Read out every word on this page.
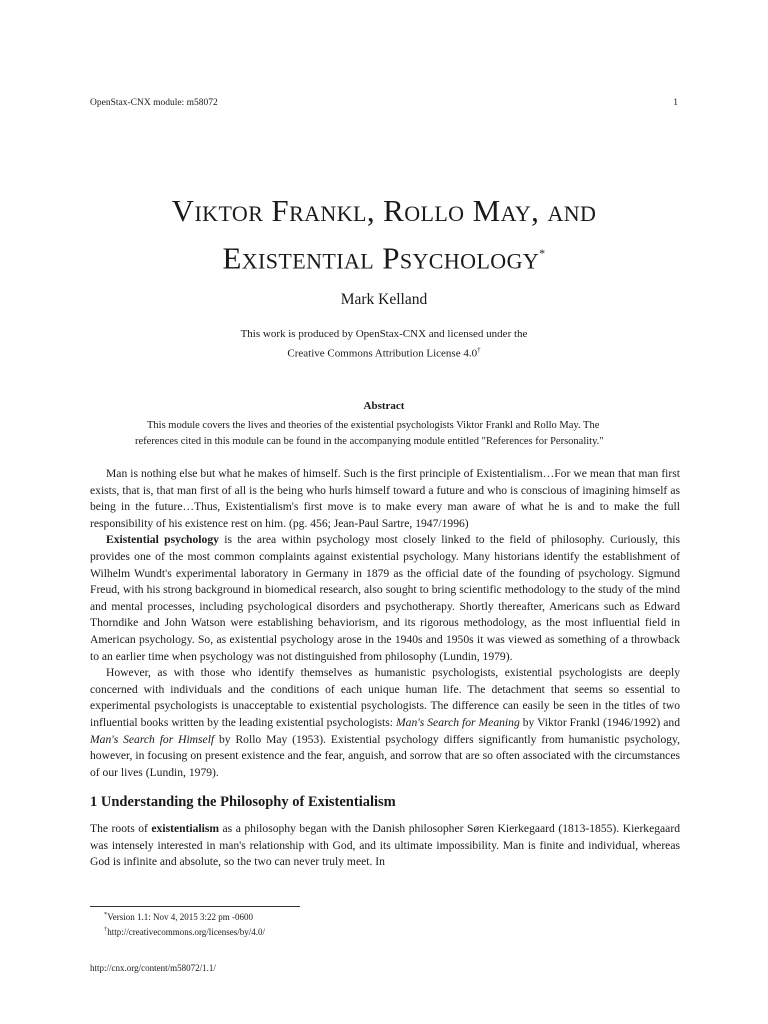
OpenStax-CNX module: m58072	1
Viktor Frankl, Rollo May, and
Existential Psychology*
Mark Kelland
This work is produced by OpenStax-CNX and licensed under the
Creative Commons Attribution License 4.0†
Abstract
This module covers the lives and theories of the existential psychologists Viktor Frankl and Rollo May. The references cited in this module can be found in the accompanying module entitled "References for Personality."

Man is nothing else but what he makes of himself. Such is the first principle of Existentialism…For we mean that man first exists, that is, that man first of all is the being who hurls himself toward a future and who is conscious of imagining himself as being in the future…Thus, Existentialism's first move is to make every man aware of what he is and to make the full responsibility of his existence rest on him. (pg. 456; Jean-Paul Sartre, 1947/1996)

Existential psychology is the area within psychology most closely linked to the field of philosophy. Curiously, this provides one of the most common complaints against existential psychology. Many historians identify the establishment of Wilhelm Wundt's experimental laboratory in Germany in 1879 as the official date of the founding of psychology. Sigmund Freud, with his strong background in biomedical research, also sought to bring scientific methodology to the study of the mind and mental processes, including psychological disorders and psychotherapy. Shortly thereafter, Americans such as Edward Thorndike and John Watson were establishing behaviorism, and its rigorous methodology, as the most influential field in American psychology. So, as existential psychology arose in the 1940s and 1950s it was viewed as something of a throwback to an earlier time when psychology was not distinguished from philosophy (Lundin, 1979).

However, as with those who identify themselves as humanistic psychologists, existential psychologists are deeply concerned with individuals and the conditions of each unique human life. The detachment that seems so essential to experimental psychologists is unacceptable to existential psychologists. The difference can easily be seen in the titles of two influential books written by the leading existential psychologists: Man's Search for Meaning by Viktor Frankl (1946/1992) and Man's Search for Himself by Rollo May (1953). Existential psychology differs significantly from humanistic psychology, however, in focusing on present existence and the fear, anguish, and sorrow that are so often associated with the circumstances of our lives (Lundin, 1979).

1 Understanding the Philosophy of Existentialism

The roots of existentialism as a philosophy began with the Danish philosopher Søren Kierkegaard (1813-1855). Kierkegaard was intensely interested in man's relationship with God, and its ultimate impossibility. Man is finite and individual, whereas God is infinite and absolute, so the two can never truly meet. In

*Version 1.1: Nov 4, 2015 3:22 pm -0600
†http://creativecommons.org/licenses/by/4.0/
http://cnx.org/content/m58072/1.1/
